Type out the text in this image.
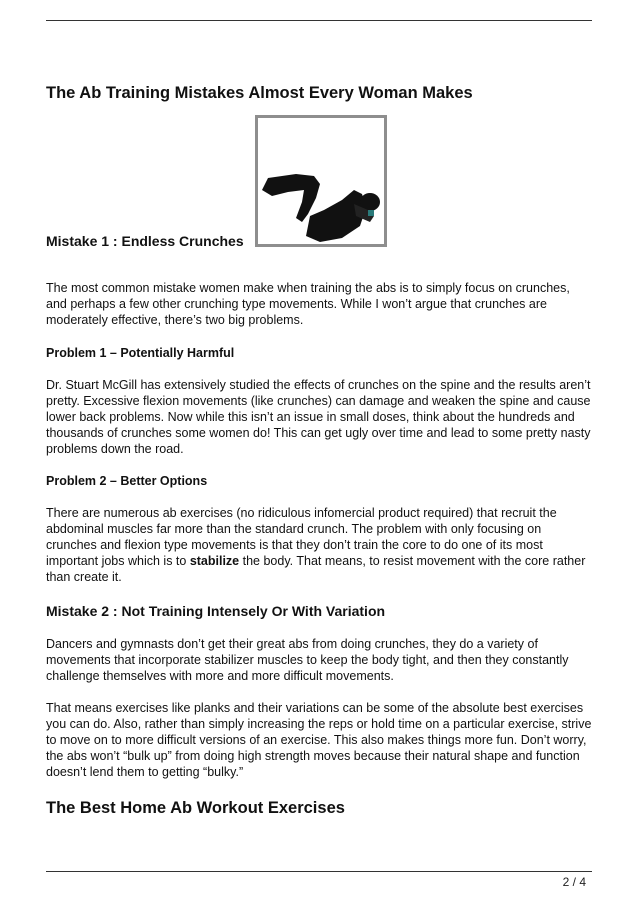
The Ab Training Mistakes Almost Every Woman Makes
Mistake 1 : Endless Crunches

The most common mistake women make when training the abs is to simply focus on crunches, and perhaps a few other crunching type movements. While I won’t argue that crunches are moderately effective, there’s two big problems.

Problem 1 – Potentially Harmful

Dr. Stuart McGill has extensively studied the effects of crunches on the spine and the results aren’t pretty. Excessive flexion movements (like crunches) can damage and weaken the spine and cause lower back problems. Now while this isn’t an issue in small doses, think about the hundreds and thousands of crunches some women do! This can get ugly over time and lead to some pretty nasty problems down the road.

Problem 2 – Better Options

There are numerous ab exercises (no ridiculous infomercial product required) that recruit the abdominal muscles far more than the standard crunch. The problem with only focusing on crunches and flexion type movements is that they don’t train the core to do one of its most important jobs which is to stabilize the body. That means, to resist movement with the core rather than create it.

Mistake 2 : Not Training Intensely Or With Variation

Dancers and gymnasts don’t get their great abs from doing crunches, they do a variety of movements that incorporate stabilizer muscles to keep the body tight, and then they constantly challenge themselves with more and more difficult movements.

That means exercises like planks and their variations can be some of the absolute best exercises you can do. Also, rather than simply increasing the reps or hold time on a particular exercise, strive to move on to more difficult versions of an exercise. This also makes things more fun. Don’t worry, the abs won’t “bulk up” from doing high strength moves because their natural shape and function doesn’t lend them to getting “bulky.”

The Best Home Ab Workout Exercises
2 / 4
